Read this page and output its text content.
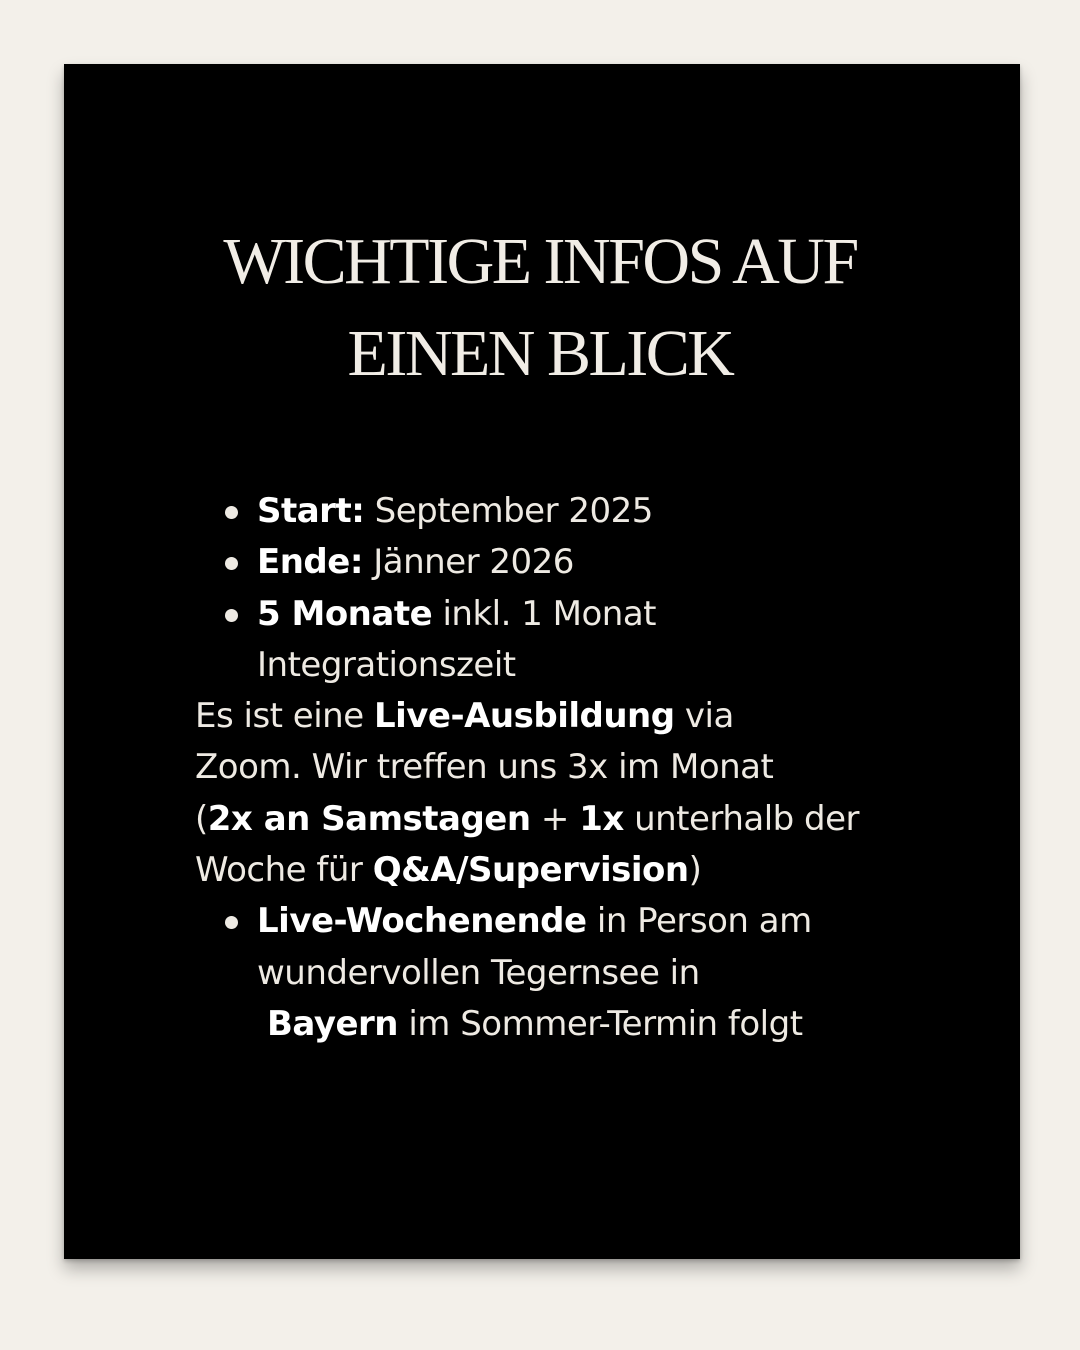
WICHTIGE INFOS AUF
EINEN BLICK
Start: September 2025
Ende: Jänner 2026
5 Monate inkl. 1 Monat
Integrationszeit

Es ist eine Live-Ausbildung via
Zoom. Wir treffen uns 3x im Monat
(2x an Samstagen + 1x unterhalb der
Woche für Q&A/Supervision)

Live-Wochenende in Person am
wundervollen Tegernsee in
Bayern im Sommer-Termin folgt
